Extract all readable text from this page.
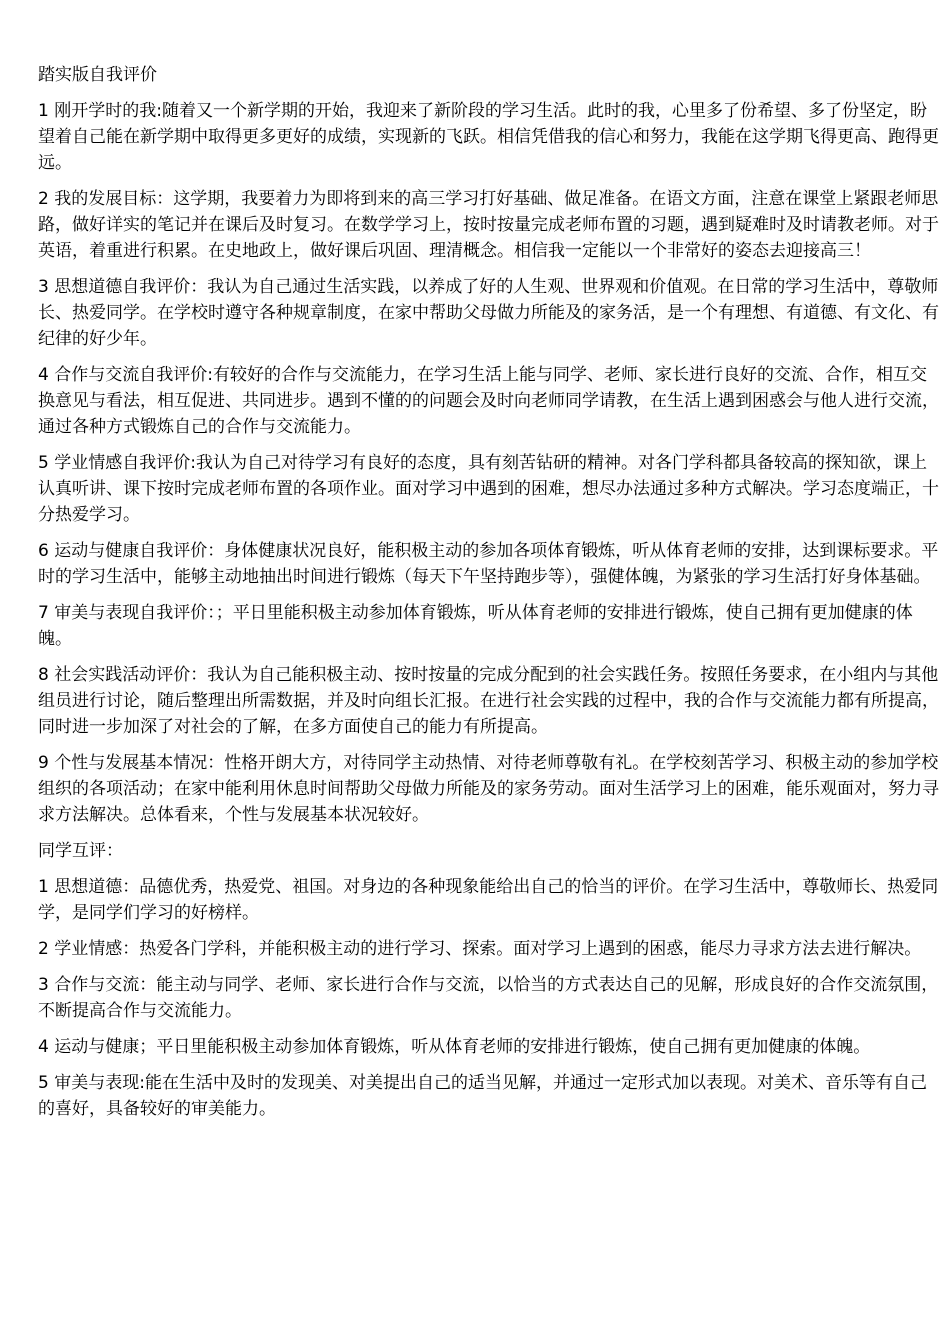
踏实版自我评价

1 刚开学时的我:随着又一个新学期的开始，我迎来了新阶段的学习生活。此时的我，心里多了份希望、多了份坚定，盼望着自己能在新学期中取得更多更好的成绩，实现新的飞跃。相信凭借我的信心和努力，我能在这学期飞得更高、跑得更远。

2 我的发展目标：这学期，我要着力为即将到来的高三学习打好基础、做足准备。在语文方面，注意在课堂上紧跟老师思路，做好详实的笔记并在课后及时复习。在数学学习上，按时按量完成老师布置的习题，遇到疑难时及时请教老师。对于英语，着重进行积累。在史地政上，做好课后巩固、理清概念。相信我一定能以一个非常好的姿态去迎接高三！

3 思想道德自我评价：我认为自己通过生活实践，以养成了好的人生观、世界观和价值观。在日常的学习生活中，尊敬师长、热爱同学。在学校时遵守各种规章制度，在家中帮助父母做力所能及的家务活，是一个有理想、有道德、有文化、有纪律的好少年。

4 合作与交流自我评价:有较好的合作与交流能力，在学习生活上能与同学、老师、家长进行良好的交流、合作，相互交换意见与看法，相互促进、共同进步。遇到不懂的的问题会及时向老师同学请教，在生活上遇到困惑会与他人进行交流，通过各种方式锻炼自己的合作与交流能力。

5 学业情感自我评价:我认为自己对待学习有良好的态度，具有刻苦钻研的精神。对各门学科都具备较高的探知欲，课上认真听讲、课下按时完成老师布置的各项作业。面对学习中遇到的困难，想尽办法通过多种方式解决。学习态度端正，十分热爱学习。

6 运动与健康自我评价：身体健康状况良好，能积极主动的参加各项体育锻炼，听从体育老师的安排，达到课标要求。平时的学习生活中，能够主动地抽出时间进行锻炼（每天下午坚持跑步等），强健体魄，为紧张的学习生活打好身体基础。

7 审美与表现自我评价：；平日里能积极主动参加体育锻炼，听从体育老师的安排进行锻炼，使自己拥有更加健康的体魄。

8 社会实践活动评价：我认为自己能积极主动、按时按量的完成分配到的社会实践任务。按照任务要求，在小组内与其他组员进行讨论，随后整理出所需数据，并及时向组长汇报。在进行社会实践的过程中，我的合作与交流能力都有所提高，同时进一步加深了对社会的了解，在多方面使自己的能力有所提高。

9 个性与发展基本情况：性格开朗大方，对待同学主动热情、对待老师尊敬有礼。在学校刻苦学习、积极主动的参加学校组织的各项活动；在家中能利用休息时间帮助父母做力所能及的家务劳动。面对生活学习上的困难，能乐观面对，努力寻求方法解决。总体看来，个性与发展基本状况较好。

同学互评：

1 思想道德：品德优秀，热爱党、祖国。对身边的各种现象能给出自己的恰当的评价。在学习生活中，尊敬师长、热爱同学，是同学们学习的好榜样。

2 学业情感：热爱各门学科，并能积极主动的进行学习、探索。面对学习上遇到的困惑，能尽力寻求方法去进行解决。

3 合作与交流：能主动与同学、老师、家长进行合作与交流，以恰当的方式表达自己的见解，形成良好的合作交流氛围，不断提高合作与交流能力。

4 运动与健康；平日里能积极主动参加体育锻炼，听从体育老师的安排进行锻炼，使自己拥有更加健康的体魄。

5 审美与表现:能在生活中及时的发现美、对美提出自己的适当见解，并通过一定形式加以表现。对美术、音乐等有自己的喜好，具备较好的审美能力。
